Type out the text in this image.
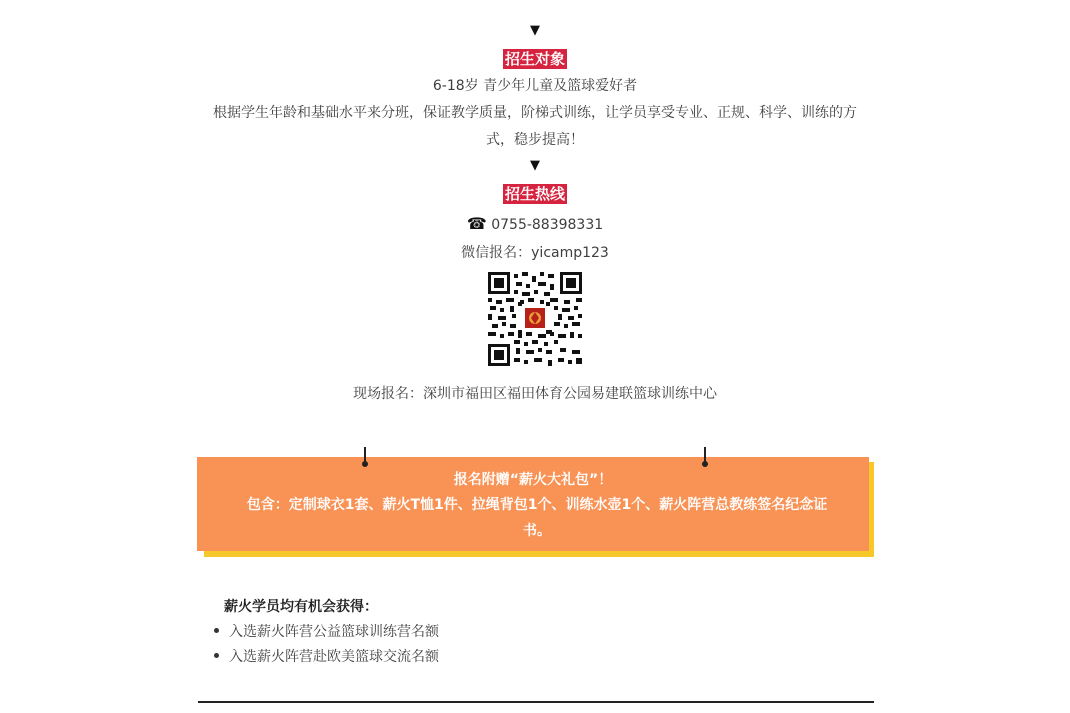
▼
招生对象
6-18岁 青少年儿童及篮球爱好者
根据学生年龄和基础水平来分班，保证教学质量，阶梯式训练，让学员享受专业、正规、科学、训练的方式，稳步提高！
▼
招生热线
☎ 0755-88398331
微信报名：yicamp123
现场报名：深圳市福田区福田体育公园易建联篮球训练中心
报名附赠“薪火大礼包”！
包含：定制球衣1套、薪火T恤1件、拉绳背包1个、训练水壶1个、薪火阵营总教练签名纪念证书。
薪火学员均有机会获得：
入选薪火阵营公益篮球训练营名额
入选薪火阵营赴欧美篮球交流名额
